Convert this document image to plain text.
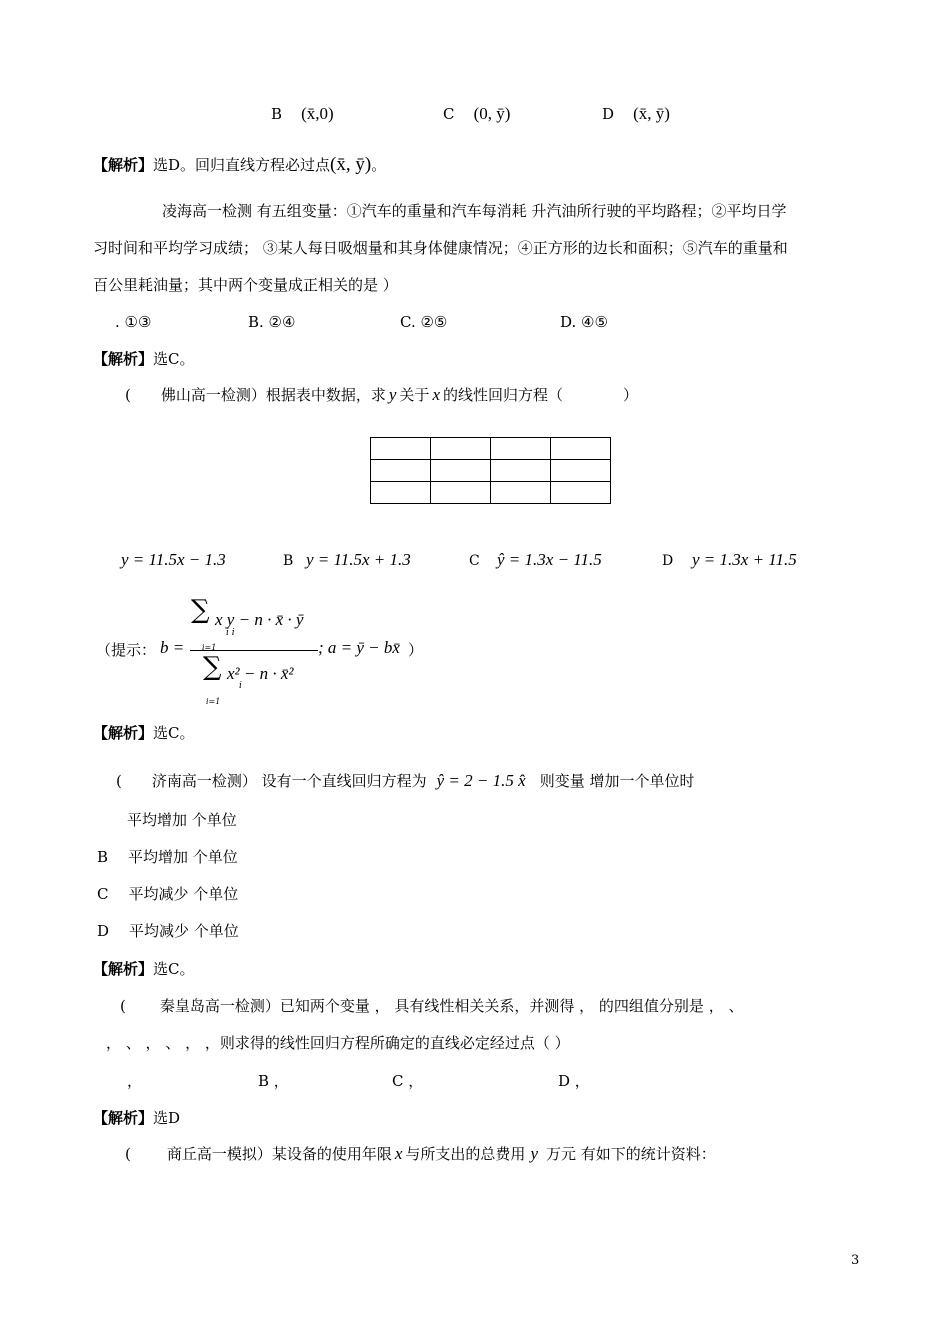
B (x̄,0)	C (0, ȳ)	D (x̄, ȳ)
【解析】选D。回归直线方程必过点(x̄, ȳ)。
凌海高一检测 有五组变量：①汽车的重量和汽车每消耗 升汽油所行驶的平均路程；②平均日学
习时间和平均学习成绩； ③某人每日吸烟量和其身体健康情况；④正方形的边长和面积；⑤汽车的重量和
百公里耗油量；其中两个变量成正相关的是 ）
. ①③	B. ②④	C. ②⑤	D. ④⑤
【解析】选C。
( 佛山高一检测）根据表中数据，求 y 关于 x 的线性回归方程（	）

y = 11.5x − 1.3	B y = 11.5x + 1.3	C ŷ = 1.3x − 11.5	D y = 1.3x + 11.5
（提示： b =
∑ x y − n · x̄ · ȳ
i i
i=1
∑ x² − n · x̄²
i
i=1
; a = ȳ − bx̄ ）
【解析】选C。
( 济南高一检测） 设有一个直线回归方程为 ŷ = 2 − 1.5 x̂ 则变量 增加一个单位时
平均增加 个单位
B 平均增加 个单位
C 平均减少 个单位
D 平均减少 个单位
【解析】选C。
( 秦皇岛高一检测）已知两个变量 ， 具有线性相关关系，并测得 ， 的四组值分别是 ， 、
， 、 ， 、 ， ，则求得的线性回归方程所确定的直线必定经过点（ ）
，	B ，	C ，	D ，
【解析】选D
( 商丘高一模拟）某设备的使用年限 x 与所支出的总费用 y 万元 有如下的统计资料：
3
